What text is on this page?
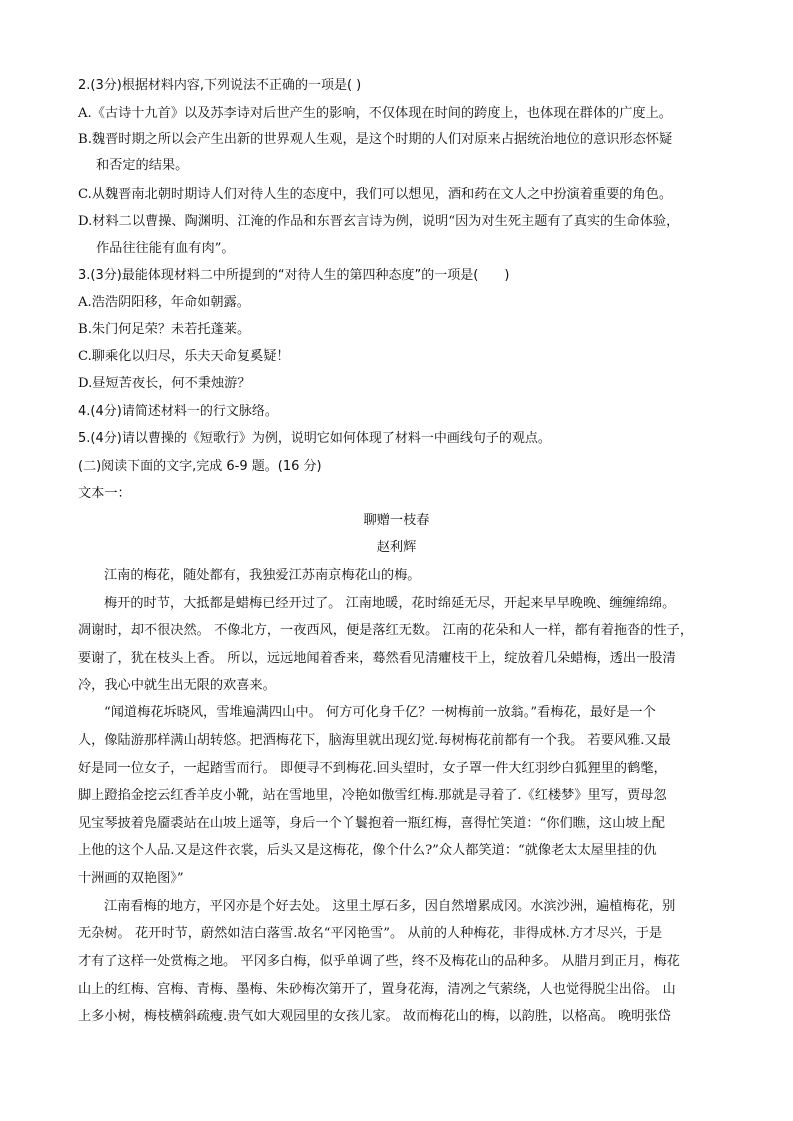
2.(3分)根据材料内容,下列说法不正确的一项是( )
A.《古诗十九首》以及苏李诗对后世产生的影响，不仅体现在时间的跨度上，也体现在群体的广度上。
B.魏晋时期之所以会产生出新的世界观人生观，是这个时期的人们对原来占据统治地位的意识形态怀疑
和否定的结果。
C.从魏晋南北朝时期诗人们对待人生的态度中，我们可以想见，酒和药在文人之中扮演着重要的角色。
D.材料二以曹操、陶渊明、江淹的作品和东晋玄言诗为例，说明“因为对生死主题有了真实的生命体验，
作品往往能有血有肉”。
3.(3分)最能体现材料二中所提到的“对待人生的第四种态度”的一项是(　　)
A.浩浩阴阳移，年命如朝露。
B.朱门何足荣？未若托蓬莱。
C.聊乘化以归尽，乐夫天命复奚疑！
D.昼短苦夜长，何不秉烛游？
4.(4分)请简述材料一的行文脉络。
5.(4分)请以曹操的《短歌行》为例，说明它如何体现了材料一中画线句子的观点。
(二)阅读下面的文字,完成 6-9 题。(16 分)
文本一：
聊赠一枝春
赵利辉
江南的梅花，随处都有，我独爱江苏南京梅花山的梅。
梅开的时节，大抵都是蜡梅已经开过了。 江南地暖，花时绵延无尽，开起来早早晚晚、缠缠绵绵。
凋谢时，却不很决然。 不像北方，一夜西风，便是落红无数。 江南的花朵和人一样，都有着拖沓的性子，
要谢了，犹在枝头上香。 所以，远远地闻着香来，蓦然看见清癯枝干上，绽放着几朵蜡梅，透出一股清
冷，我心中就生出无限的欢喜来。
“闻道梅花坼晓风，雪堆遍满四山中。 何方可化身千亿？一树梅前一放翁。”看梅花，最好是一个
人，像陆游那样满山胡转悠。把酒梅花下，脑海里就出现幻觉.每树梅花前都有一个我。 若要风雅.又最
好是同一位女子，一起踏雪而行。 即便寻不到梅花.回头望时，女子罩一件大红羽纱白狐狸里的鹤氅，
脚上蹬掐金挖云红香羊皮小靴，站在雪地里，冷艳如傲雪红梅.那就是寻着了.《红楼梦》里写，贾母忽
见宝琴披着凫靥裘站在山坡上遥等，身后一个丫鬟抱着一瓶红梅，喜得忙笑道：“你们瞧，这山坡上配
上他的这个人品.又是这件衣裳，后头又是这梅花，像个什么?”众人都笑道：“就像老太太屋里挂的仇
十洲画的双艳图》”
江南看梅的地方，平冈亦是个好去处。 这里土厚石多，因自然增累成冈。水滨沙洲，遍植梅花，别
无杂树。 花开时节，蔚然如洁白落雪.故名“平冈艳雪”。 从前的人种梅花，非得成林.方才尽兴，于是
才有了这样一处赏梅之地。 平冈多白梅，似乎单调了些，终不及梅花山的品种多。 从腊月到正月，梅花
山上的红梅、宫梅、青梅、墨梅、朱砂梅次第开了，置身花海，清冽之气萦绕，人也觉得脱尘出俗。 山
上多小树，梅枝横斜疏瘦.贵气如大观园里的女孩儿家。 故而梅花山的梅，以韵胜，以格高。 晚明张岱
